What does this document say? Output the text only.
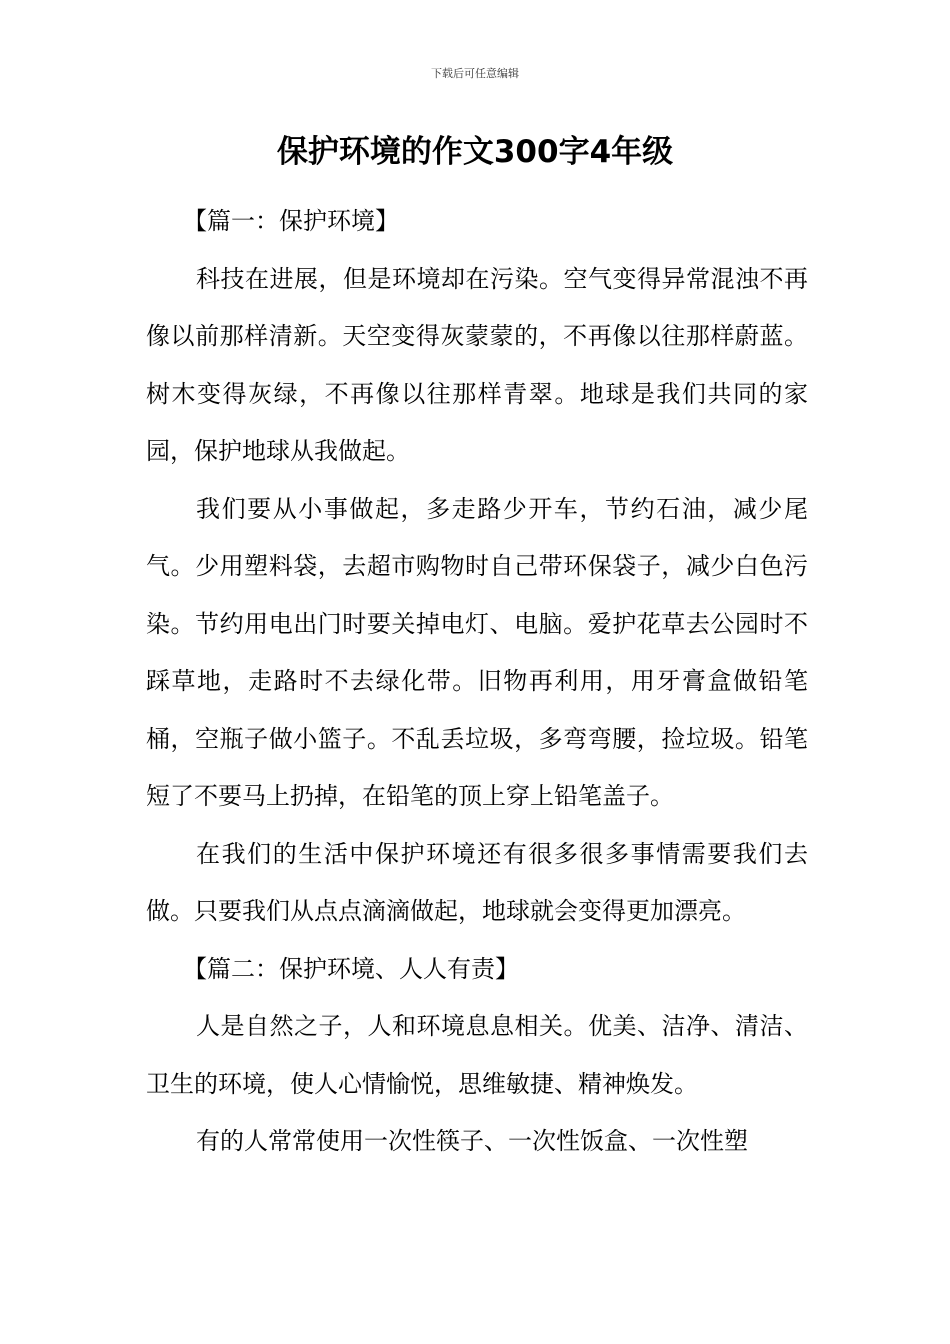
下载后可任意编辑
保护环境的作文300字4年级

【篇一：保护环境】

科技在进展，但是环境却在污染。空气变得异常混浊不再像以前那样清新。天空变得灰蒙蒙的，不再像以往那样蔚蓝。树木变得灰绿，不再像以往那样青翠。地球是我们共同的家园，保护地球从我做起。

我们要从小事做起，多走路少开车，节约石油，减少尾气。少用塑料袋，去超市购物时自己带环保袋子，减少白色污染。节约用电出门时要关掉电灯、电脑。爱护花草去公园时不踩草地，走路时不去绿化带。旧物再利用，用牙膏盒做铅笔桶，空瓶子做小篮子。不乱丢垃圾，多弯弯腰，捡垃圾。铅笔短了不要马上扔掉，在铅笔的顶上穿上铅笔盖子。

在我们的生活中保护环境还有很多很多事情需要我们去做。只要我们从点点滴滴做起，地球就会变得更加漂亮。

【篇二：保护环境、人人有责】

人是自然之子，人和环境息息相关。优美、洁净、清洁、卫生的环境，使人心情愉悦，思维敏捷、精神焕发。

有的人常常使用一次性筷子、一次性饭盒、一次性塑
